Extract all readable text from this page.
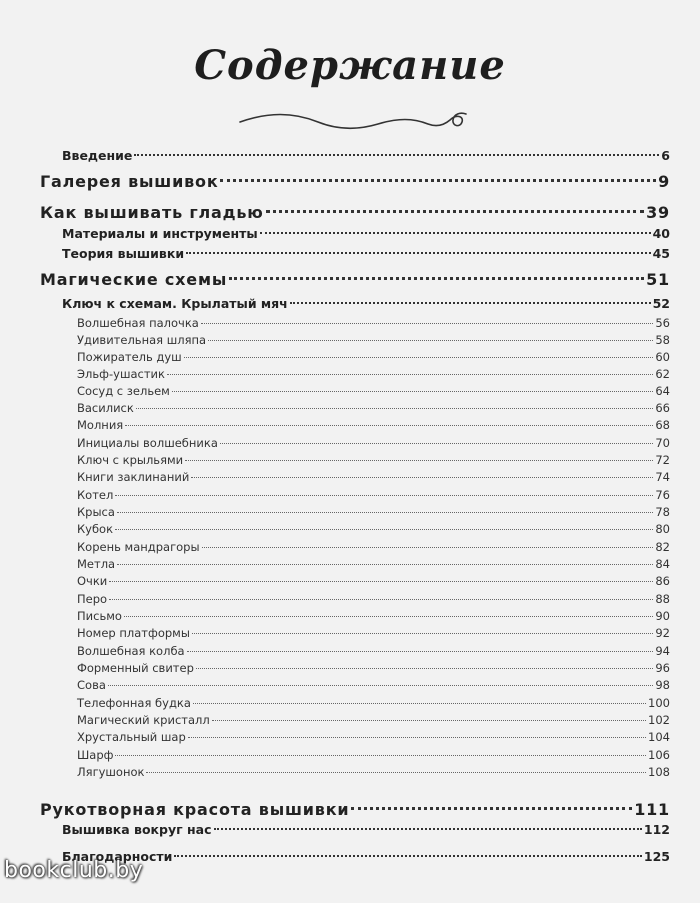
Содержание
Введение	6
Галерея вышивок	9
Как вышивать гладью	39
Материалы и инструменты	40
Теория вышивки	45
Магические схемы	51
Ключ к схемам. Крылатый мяч	52
Волшебная палочка	56
Удивительная шляпа	58
Пожиратель душ	60
Эльф-ушастик	62
Сосуд с зельем	64
Василиск	66
Молния	68
Инициалы волшебника	70
Ключ с крыльями	72
Книги заклинаний	74
Котел	76
Крыса	78
Кубок	80
Корень мандрагоры	82
Метла	84
Очки	86
Перо	88
Письмо	90
Номер платформы	92
Волшебная колба	94
Форменный свитер	96
Сова	98
Телефонная будка	100
Магический кристалл	102
Хрустальный шар	104
Шарф	106
Лягушонок	108
Рукотворная красота вышивки	111
Вышивка вокруг нас	112
Благодарности	125
bookclub.by
